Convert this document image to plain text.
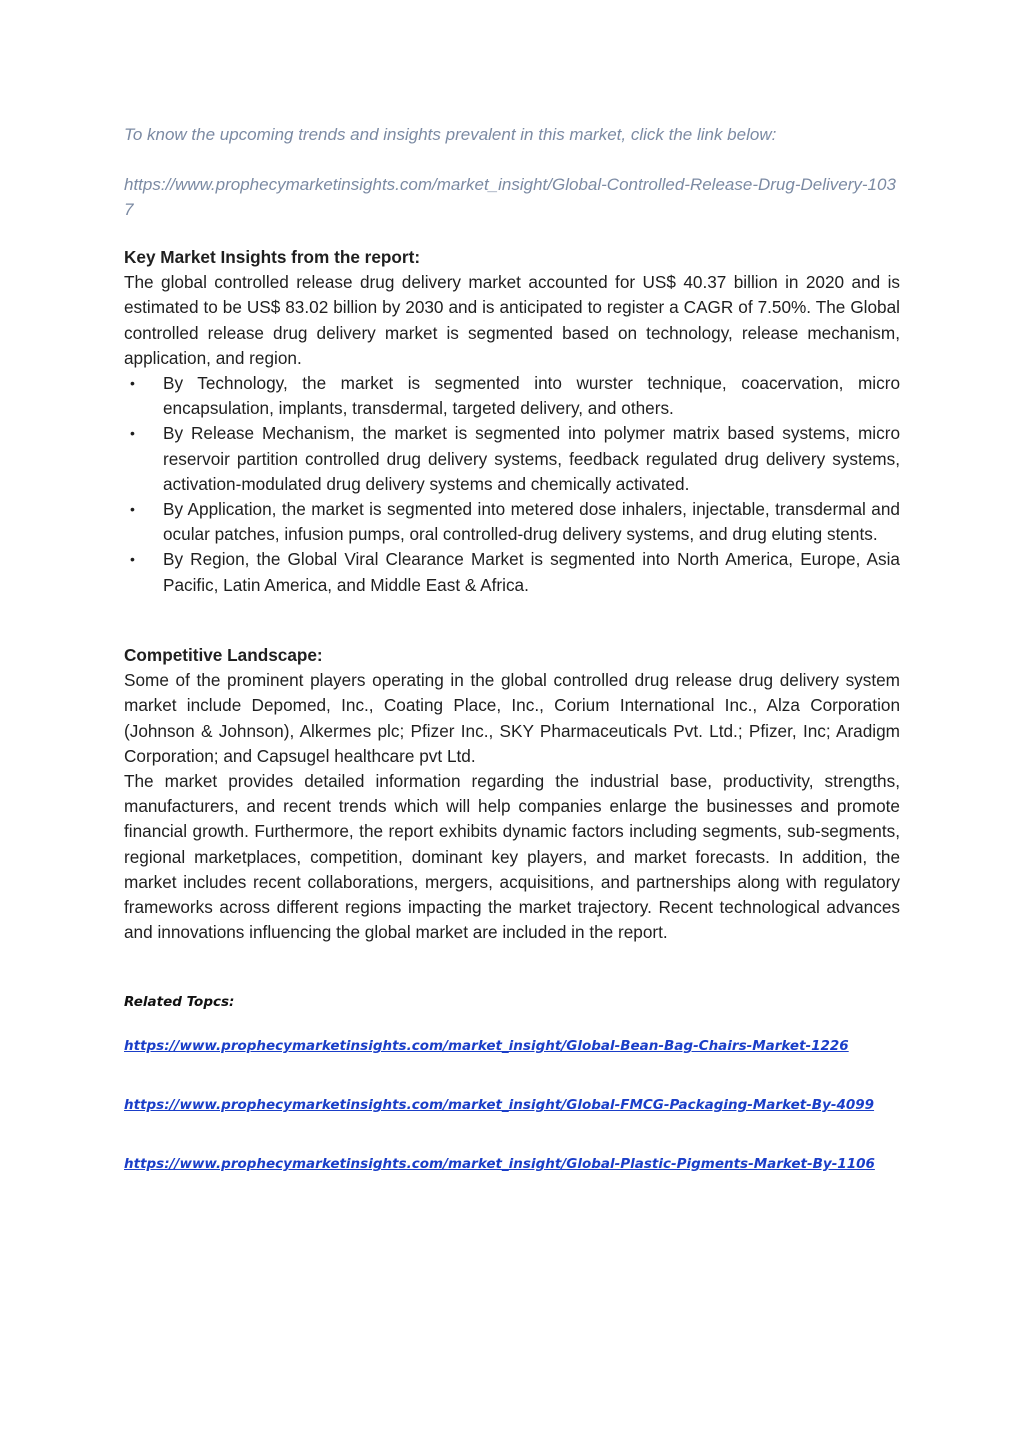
To know the upcoming trends and insights prevalent in this market, click the link below:
https://www.prophecymarketinsights.com/market_insight/Global-Controlled-Release-Drug-Delivery-1037
Key Market Insights from the report:

The global controlled release drug delivery market accounted for US$ 40.37 billion in 2020 and is estimated to be US$ 83.02 billion by 2030 and is anticipated to register a CAGR of 7.50%. The Global controlled release drug delivery market is segmented based on technology, release mechanism, application, and region.

• By Technology, the market is segmented into wurster technique, coacervation, micro encapsulation, implants, transdermal, targeted delivery, and others.
• By Release Mechanism, the market is segmented into polymer matrix based systems, micro reservoir partition controlled drug delivery systems, feedback regulated drug delivery systems, activation-modulated drug delivery systems and chemically activated.
• By Application, the market is segmented into metered dose inhalers, injectable, transdermal and ocular patches, infusion pumps, oral controlled-drug delivery systems, and drug eluting stents.
• By Region, the Global Viral Clearance Market is segmented into North America, Europe, Asia Pacific, Latin America, and Middle East & Africa.
Competitive Landscape:

Some of the prominent players operating in the global controlled drug release drug delivery system market include Depomed, Inc., Coating Place, Inc., Corium International Inc., Alza Corporation (Johnson & Johnson), Alkermes plc; Pfizer Inc., SKY Pharmaceuticals Pvt. Ltd.; Pfizer, Inc; Aradigm Corporation; and Capsugel healthcare pvt Ltd.

The market provides detailed information regarding the industrial base, productivity, strengths, manufacturers, and recent trends which will help companies enlarge the businesses and promote financial growth. Furthermore, the report exhibits dynamic factors including segments, sub-segments, regional marketplaces, competition, dominant key players, and market forecasts. In addition, the market includes recent collaborations, mergers, acquisitions, and partnerships along with regulatory frameworks across different regions impacting the market trajectory. Recent technological advances and innovations influencing the global market are included in the report.

Related Topcs:
https://www.prophecymarketinsights.com/market_insight/Global-Bean-Bag-Chairs-Market-1226
https://www.prophecymarketinsights.com/market_insight/Global-FMCG-Packaging-Market-By-4099
https://www.prophecymarketinsights.com/market_insight/Global-Plastic-Pigments-Market-By-1106
